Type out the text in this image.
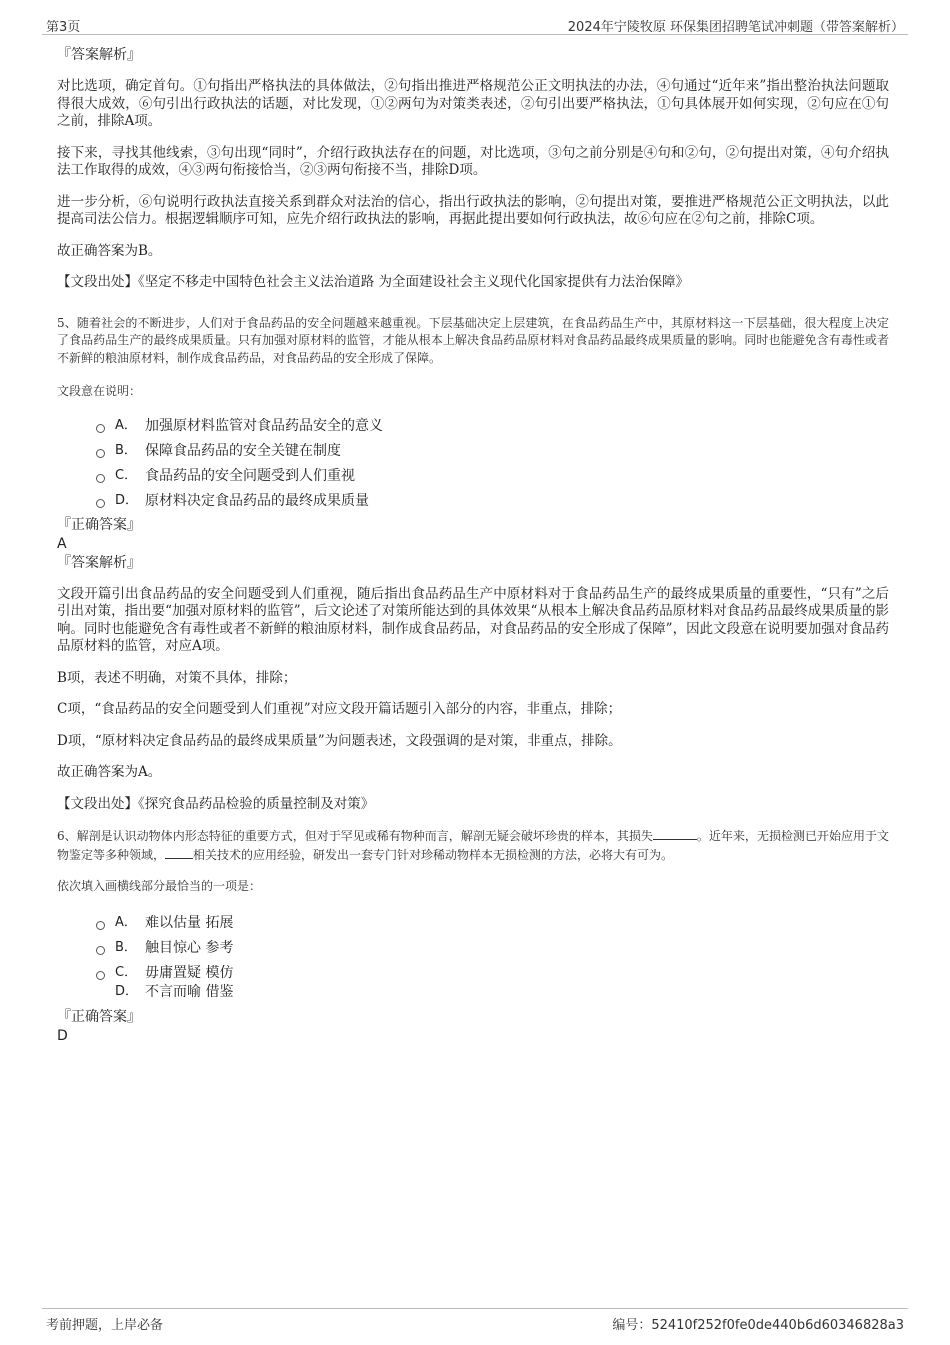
第3页	2024年宁陵牧原 环保集团招聘笔试冲刺题（带答案解析）

『答案解析』

对比选项，确定首句。①句指出严格执法的具体做法，②句指出推进严格规范公正文明执法的办法，④句通过“近年来”指出整治执法问题取得很大成效，⑥句引出行政执法的话题，对比发现，①②两句为对策类表述，②句引出要严格执法，①句具体展开如何实现，②句应在①句之前，排除A项。

接下来，寻找其他线索，③句出现“同时”，介绍行政执法存在的问题，对比选项，③句之前分别是④句和②句，②句提出对策，④句介绍执法工作取得的成效，④③两句衔接恰当，②③两句衔接不当，排除D项。

进一步分析，⑥句说明行政执法直接关系到群众对法治的信心，指出行政执法的影响，②句提出对策，要推进严格规范公正文明执法，以此提高司法公信力。根据逻辑顺序可知，应先介绍行政执法的影响，再据此提出要如何行政执法，故⑥句应在②句之前，排除C项。

故正确答案为B。

【文段出处】《坚定不移走中国特色社会主义法治道路 为全面建设社会主义现代化国家提供有力法治保障》

5、随着社会的不断进步，人们对于食品药品的安全问题越来越重视。下层基础决定上层建筑，在食品药品生产中，其原材料这一下层基础，很大程度上决定了食品药品生产的最终成果质量。只有加强对原材料的监管，才能从根本上解决食品药品原材料对食品药品最终成果质量的影响。同时也能避免含有毒性或者不新鲜的粮油原材料，制作成食品药品，对食品药品的安全形成了保障。

文段意在说明：

A． 加强原材料监管对食品药品安全的意义
B． 保障食品药品的安全关键在制度
C． 食品药品的安全问题受到人们重视
D． 原材料决定食品药品的最终成果质量

『正确答案』

A

『答案解析』

文段开篇引出食品药品的安全问题受到人们重视，随后指出食品药品生产中原材料对于食品药品生产的最终成果质量的重要性，“只有”之后引出对策，指出要“加强对原材料的监管”，后文论述了对策所能达到的具体效果“从根本上解决食品药品原材料对食品药品最终成果质量的影响。同时也能避免含有毒性或者不新鲜的粮油原材料，制作成食品药品，对食品药品的安全形成了保障”，因此文段意在说明要加强对食品药品原材料的监管，对应A项。

B项，表述不明确，对策不具体，排除；

C项，“食品药品的安全问题受到人们重视”对应文段开篇话题引入部分的内容，非重点，排除；

D项，“原材料决定食品药品的最终成果质量”为问题表述，文段强调的是对策，非重点，排除。

故正确答案为A。

【文段出处】《探究食品药品检验的质量控制及对策》

6、解剖是认识动物体内形态特征的重要方式，但对于罕见或稀有物种而言，解剖无疑会破坏珍贵的样本，其损失	。近年来，无损检测已开始应用于文物鉴定等多种领域， 相关技术的应用经验，研发出一套专门针对珍稀动物样本无损检测的方法，必将大有可为。

依次填入画横线部分最恰当的一项是：

A． 难以估量 拓展
B． 触目惊心 参考
C． 毋庸置疑 模仿
D． 不言而喻 借鉴

『正确答案』

D

考前押题，上岸必备	编号：52410f252f0fe0de440b6d60346828a3
